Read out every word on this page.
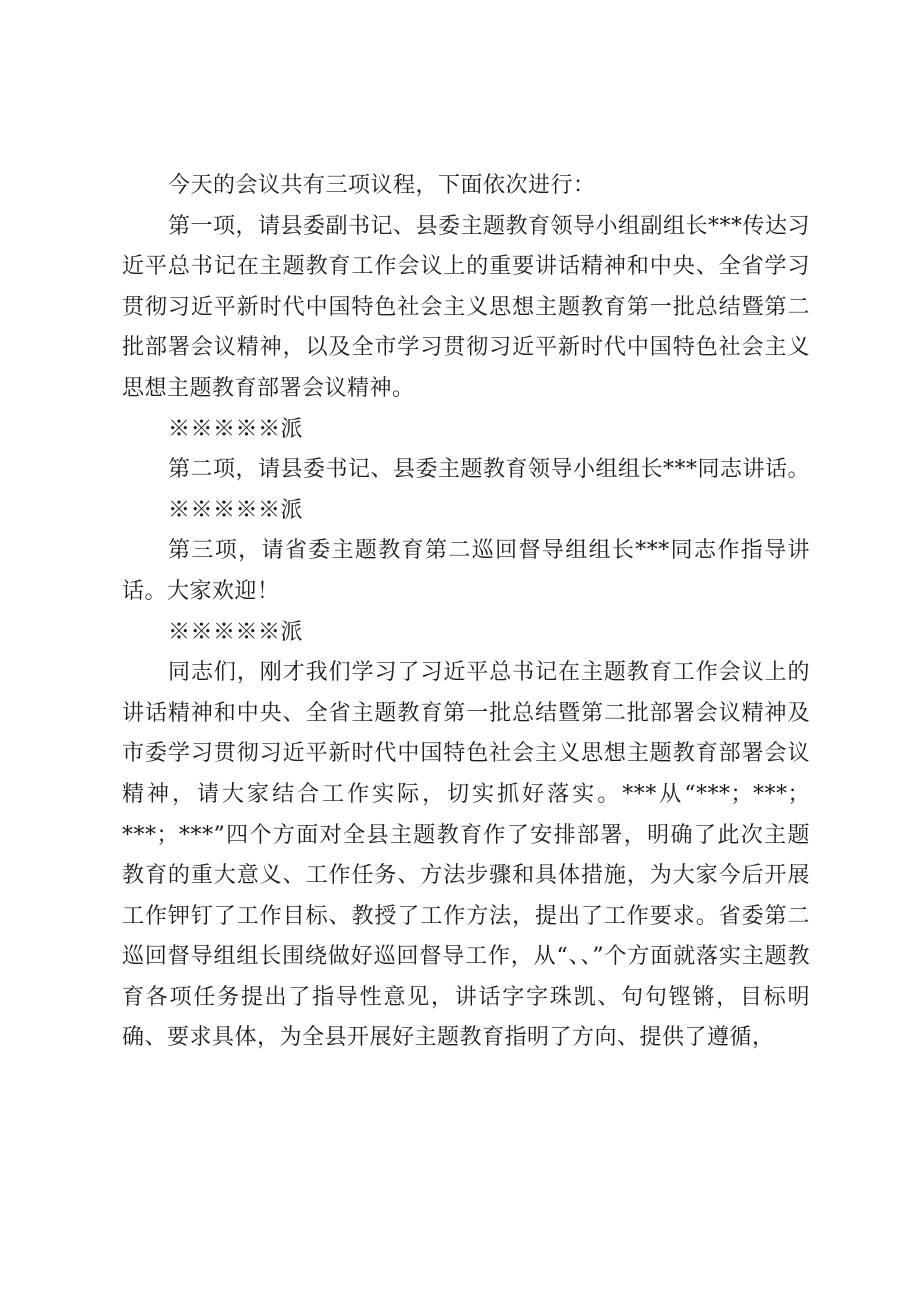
今天的会议共有三项议程，下面依次进行：

第一项，请县委副书记、县委主题教育领导小组副组长***传达习近平总书记在主题教育工作会议上的重要讲话精神和中央、全省学习贯彻习近平新时代中国特色社会主义思想主题教育第一批总结暨第二批部署会议精神，以及全市学习贯彻习近平新时代中国特色社会主义思想主题教育部署会议精神。

※※※※※派

第二项，请县委书记、县委主题教育领导小组组长***同志讲话。

※※※※※派

第三项，请省委主题教育第二巡回督导组组长***同志作指导讲话。大家欢迎！

※※※※※派

同志们，刚才我们学习了习近平总书记在主题教育工作会议上的讲话精神和中央、全省主题教育第一批总结暨第二批部署会议精神及市委学习贯彻习近平新时代中国特色社会主义思想主题教育部署会议精神，请大家结合工作实际，切实抓好落实。***从“***；***；***；***”四个方面对全县主题教育作了安排部署，明确了此次主题教育的重大意义、工作任务、方法步骤和具体措施，为大家今后开展工作钾钉了工作目标、教授了工作方法，提出了工作要求。省委第二巡回督导组组长围绕做好巡回督导工作，从“、、”个方面就落实主题教育各项任务提出了指导性意见，讲话字字珠凯、句句铿锵，目标明确、要求具体，为全县开展好主题教育指明了方向、提供了遵循，
